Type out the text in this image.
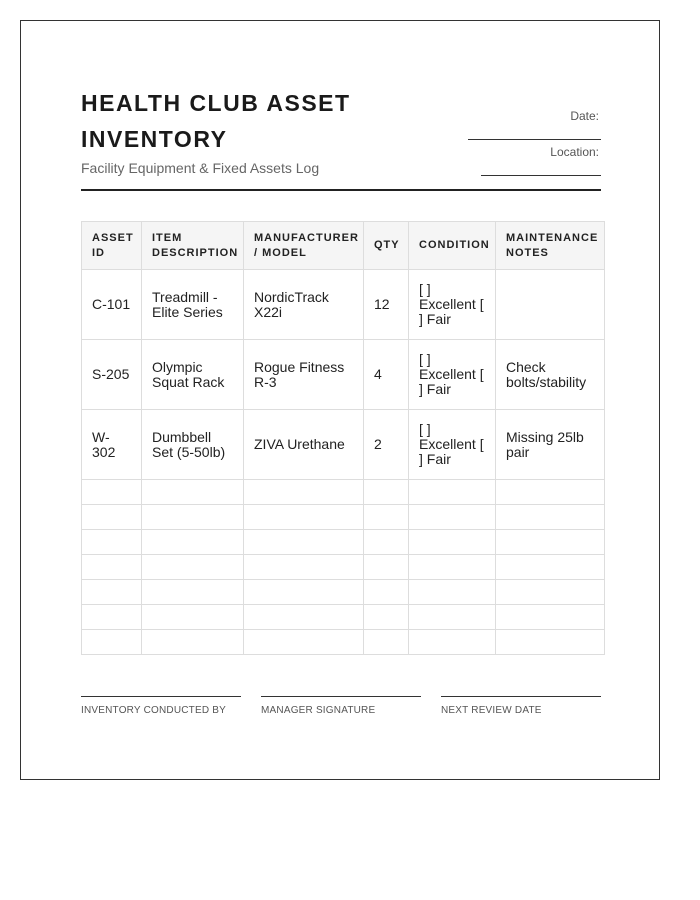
HEALTH CLUB ASSET INVENTORY
Facility Equipment & Fixed Assets Log
Date:
Location:
ASSET ID	ITEM DESCRIPTION	MANUFACTURER / MODEL	QTY	CONDITION	MAINTENANCE NOTES
C-101	Treadmill - Elite Series	NordicTrack X22i	12	[ ] Excellent [ ] Fair	
S-205	Olympic Squat Rack	Rogue Fitness R-3	4	[ ] Excellent [ ] Fair	Check bolts/stability
W-302	Dumbbell Set (5-50lb)	ZIVA Urethane	2	[ ] Excellent [ ] Fair	Missing 25lb pair

INVENTORY CONDUCTED BY	MANAGER SIGNATURE	NEXT REVIEW DATE
